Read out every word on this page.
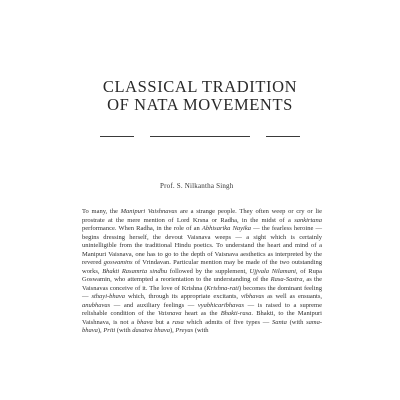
CLASSICAL TRADITION
OF NATA MOVEMENTS
Prof. S. Nilkantha Singh

To many, the Manipuri Vaishnavas are a strange people. They often weep or cry or lie prostrate at the mere mention of Lord Krsna or Radha, in the midst of a sankirtana performance. When Radha, in the role of an Abhisarika Nayika — the fearless heroine — begins dressing herself, the devout Vaisnava weeps — a sight which is certainly unintelligible from the traditional Hindu poetics. To understand the heart and mind of a Manipuri Vaisnava, one has to go to the depth of Vaisnava aesthetics as interpreted by the revered goswamins of Vrindavan. Particular mention may be made of the two outstanding works, Bhakti Rasamrta sindhu followed by the supplement, Ujjvala Nilamani, of Rupa Goswamin, who attempted a reorientation to the understanding of the Rasa-Sastra, as the Vaisnavas conceive of it. The love of Krishna (Krishna-rati) becomes the dominant feeling — sthayi-bhava which, through its appropriate excitants, vibhavas as well as ensuants, anubhavas — and auxiliary feelings — vyabhicaribhavas — is raised to a supreme relishable condition of the Vaisnava heart as the Bhakti-rasa. Bhakti, to the Manipuri Vaishnava, is not a bhava but a rasa which admits of five types — Santa (with sama-bhava), Priti (with dasatva bhava), Preyas (with
